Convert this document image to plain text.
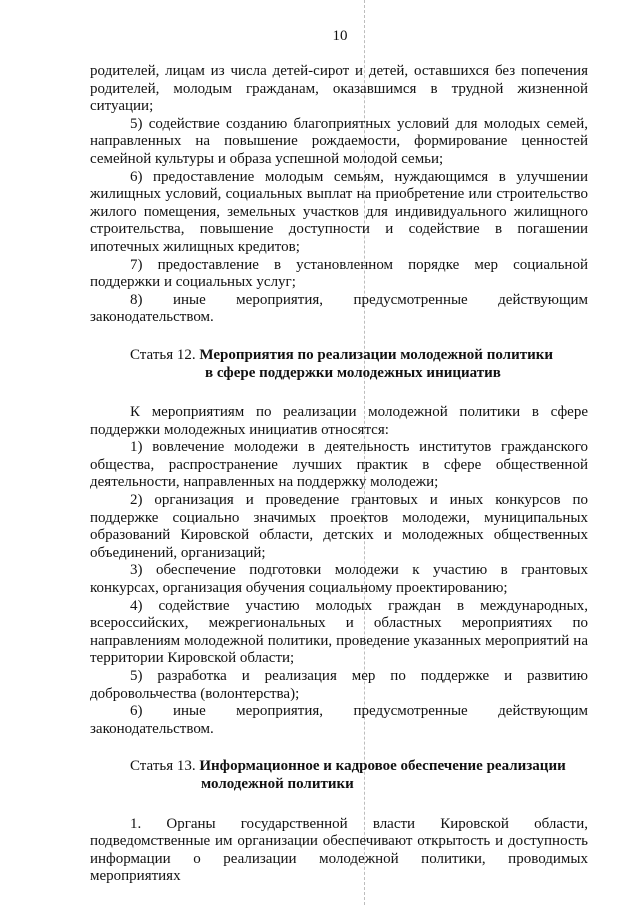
10

родителей, лицам из числа детей-сирот и детей, оставшихся без попечения родителей, молодым гражданам, оказавшимся в трудной жизненной ситуации;

5) содействие созданию благоприятных условий для молодых семей, направленных на повышение рождаемости, формирование ценностей семейной культуры и образа успешной молодой семьи;

6) предоставление молодым семьям, нуждающимся в улучшении жилищных условий, социальных выплат на приобретение или строительство жилого помещения, земельных участков для индивидуального жилищного строительства, повышение доступности и содействие в погашении ипотечных жилищных кредитов;

7) предоставление в установленном порядке мер социальной поддержки и социальных услуг;

8) иные мероприятия, предусмотренные действующим

законодательством.

Статья 12. Мероприятия по реализации молодежной политики
в сфере поддержки молодежных инициатив

К мероприятиям по реализации молодежной политики в сфере поддержки молодежных инициатив относятся:

1) вовлечение молодежи в деятельность институтов гражданского общества, распространение лучших практик в сфере общественной деятельности, направленных на поддержку молодежи;

2) организация и проведение грантовых и иных конкурсов по поддержке социально значимых проектов молодежи, муниципальных образований Кировской области, детских и молодежных общественных объединений, организаций;

3) обеспечение подготовки молодежи к участию в грантовых конкурсах, организация обучения социальному проектированию;

4) содействие участию молодых граждан в международных, всероссийских, межрегиональных и областных мероприятиях по направлениям молодежной политики, проведение указанных мероприятий на территории Кировской области;

5) разработка и реализация мер по поддержке и развитию добровольчества (волонтерства);

6) иные мероприятия, предусмотренные действующим

законодательством.

Статья 13. Информационное и кадровое обеспечение реализации
молодежной политики

1. Органы государственной власти Кировской области, подведомственные им организации обеспечивают открытость и доступность информации о реализации молодежной политики, проводимых мероприятиях
